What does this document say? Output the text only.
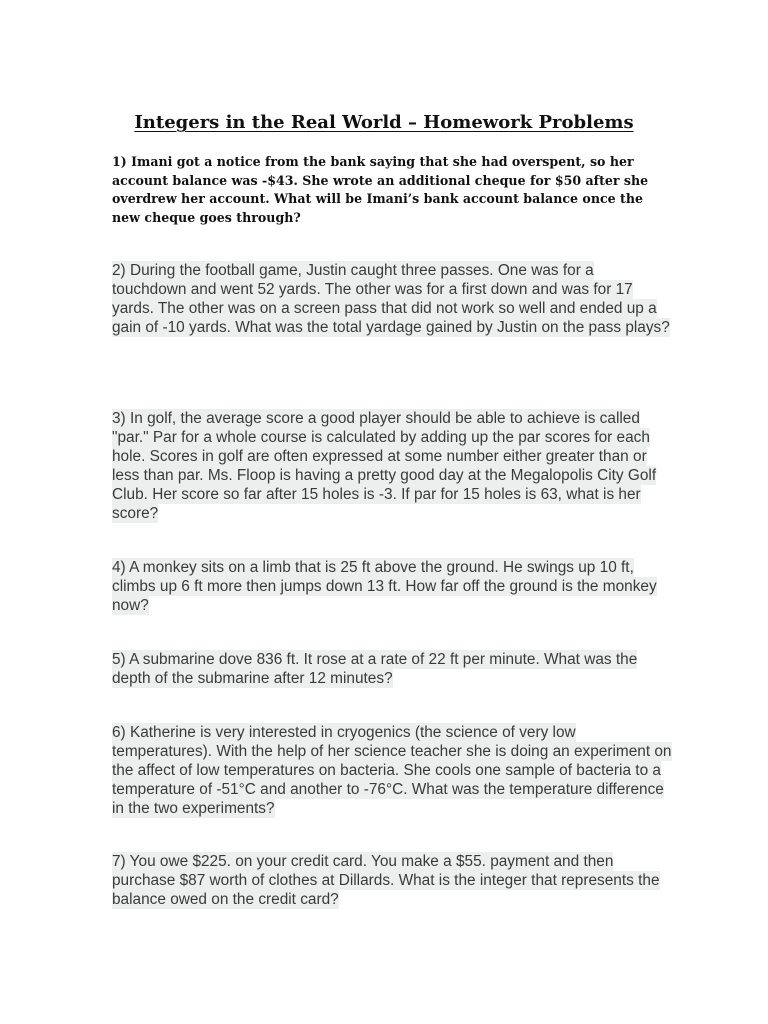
Integers in the Real World – Homework Problems
1) Imani got a notice from the bank saying that she had overspent, so her account balance was -$43. She wrote an additional cheque for $50 after she overdrew her account. What will be Imani’s bank account balance once the new cheque goes through?
2) During the football game, Justin caught three passes. One was for a touchdown and went 52 yards. The other was for a first down and was for 17 yards. The other was on a screen pass that did not work so well and ended up a gain of -10 yards. What was the total yardage gained by Justin on the pass plays?
3) In golf, the average score a good player should be able to achieve is called "par." Par for a whole course is calculated by adding up the par scores for each hole. Scores in golf are often expressed at some number either greater than or less than par. Ms. Floop is having a pretty good day at the Megalopolis City Golf Club. Her score so far after 15 holes is -3. If par for 15 holes is 63, what is her score?
4) A monkey sits on a limb that is 25 ft above the ground. He swings up 10 ft, climbs up 6 ft more then jumps down 13 ft. How far off the ground is the monkey now?
5) A submarine dove 836 ft. It rose at a rate of 22 ft per minute. What was the depth of the submarine after 12 minutes?
6) Katherine is very interested in cryogenics (the science of very low temperatures). With the help of her science teacher she is doing an experiment on the affect of low temperatures on bacteria. She cools one sample of bacteria to a temperature of -51°C and another to -76°C. What was the temperature difference in the two experiments?
7) You owe $225. on your credit card. You make a $55. payment and then purchase $87 worth of clothes at Dillards. What is the integer that represents the balance owed on the credit card?
